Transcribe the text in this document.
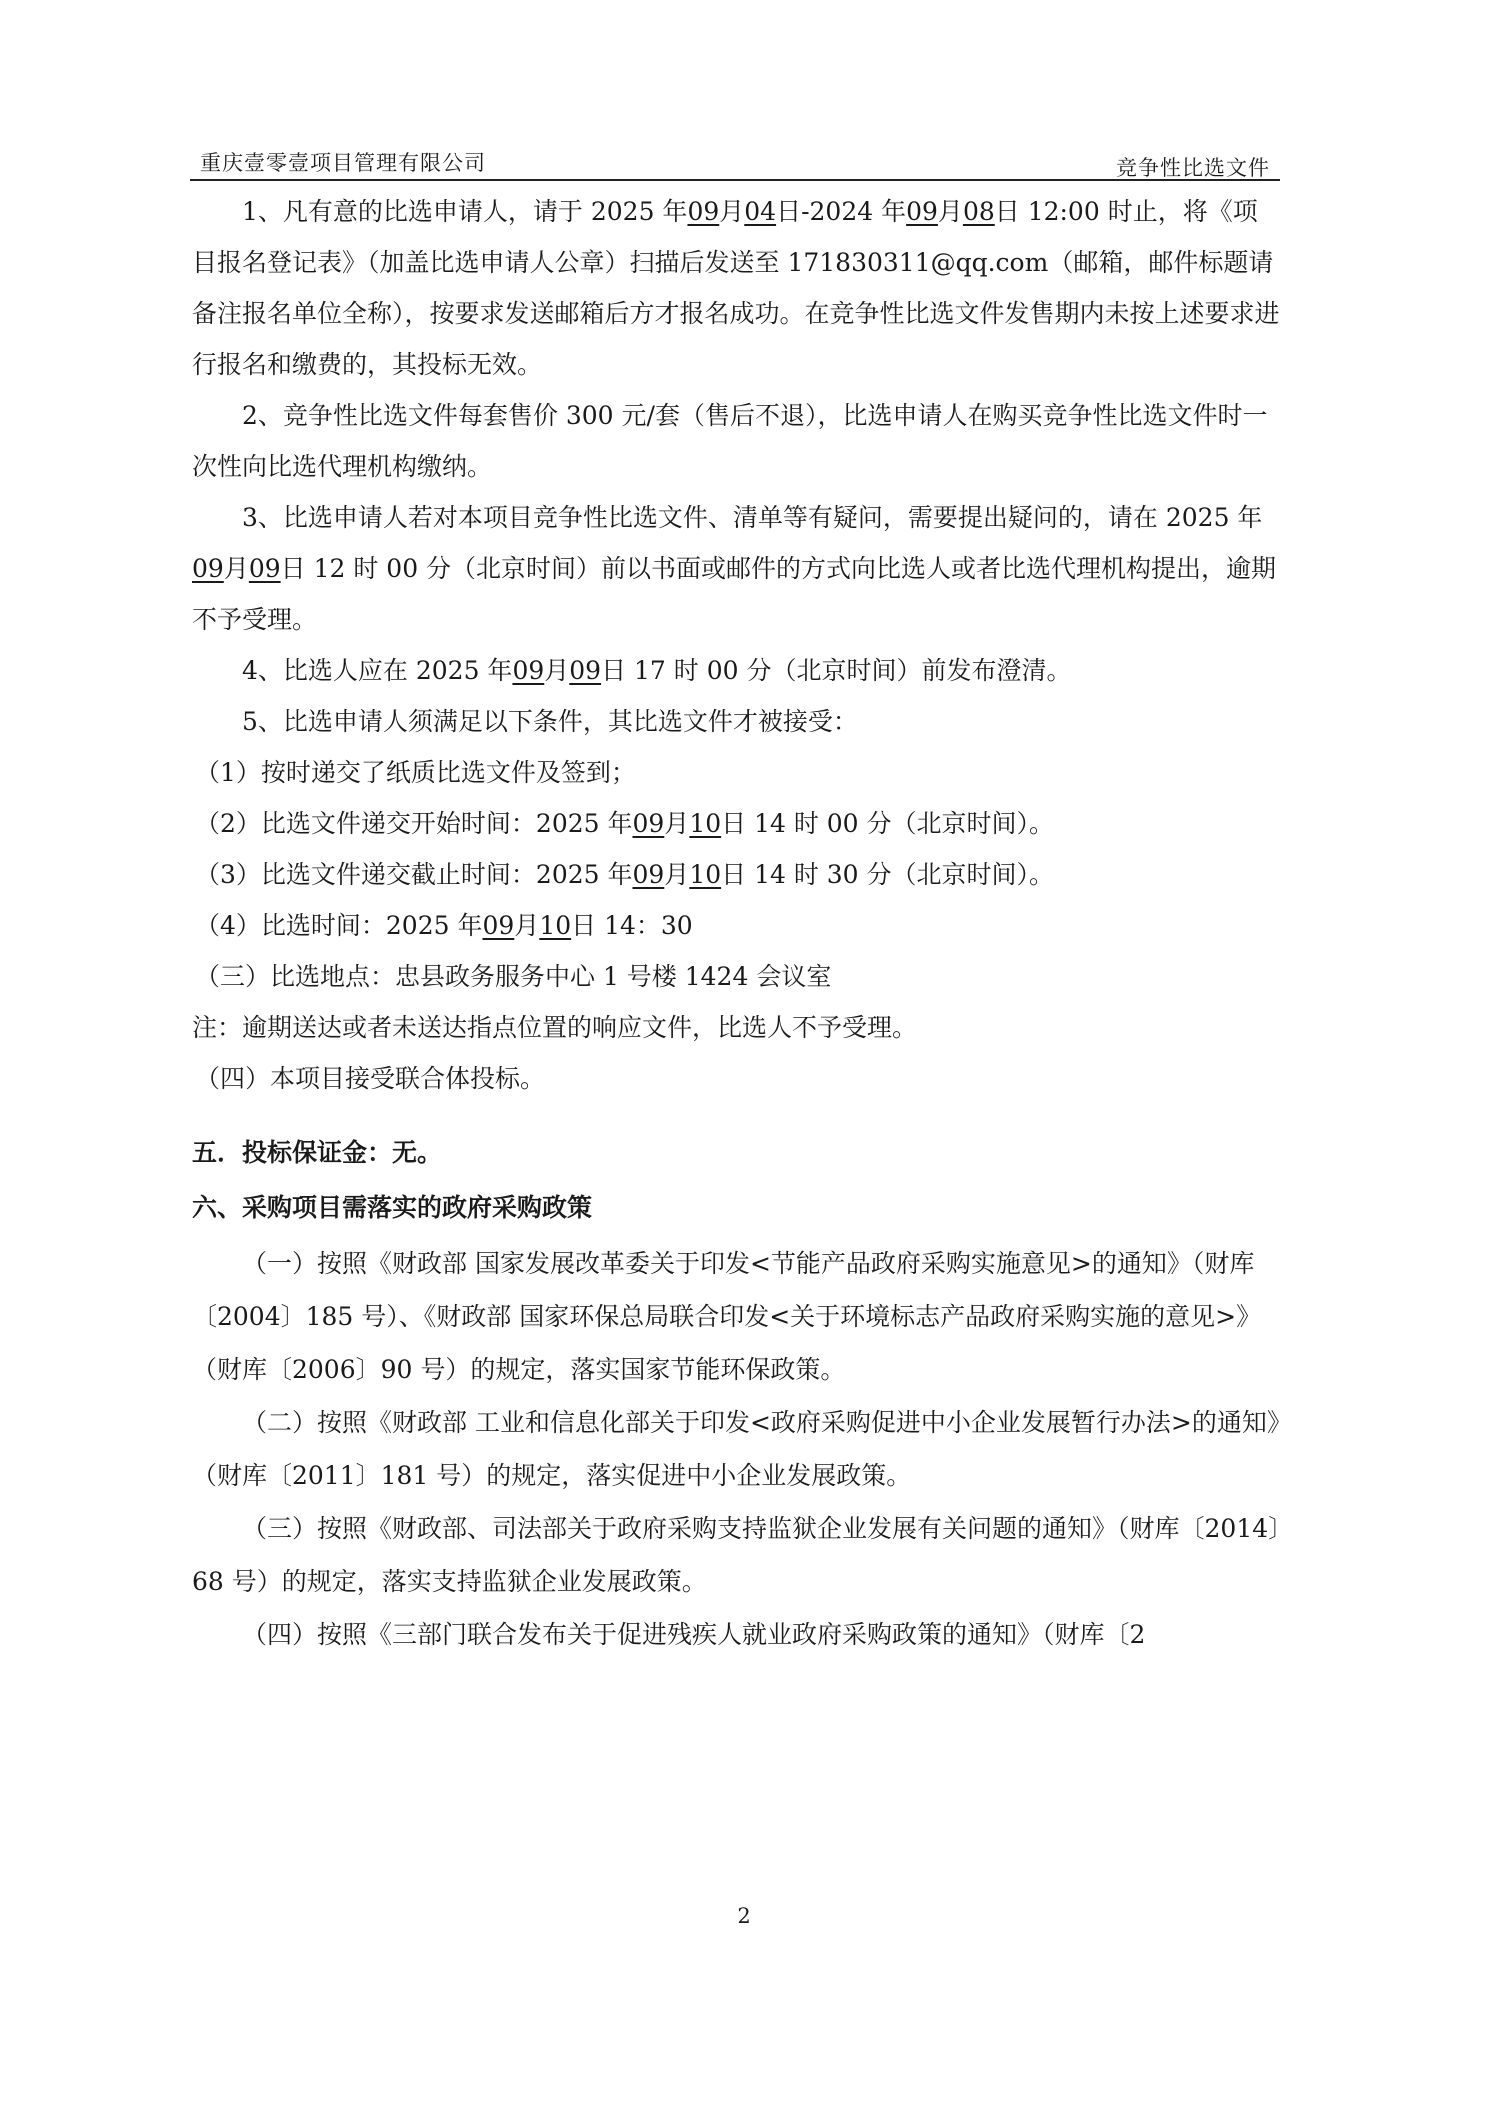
重庆壹零壹项目管理有限公司	竞争性比选文件

1、凡有意的比选申请人，请于 2025 年09月04日-2024 年09月08日 12:00 时止，将《项目报名登记表》（加盖比选申请人公章）扫描后发送至 171830311@qq.com（邮箱，邮件标题请备注报名单位全称），按要求发送邮箱后方才报名成功。在竞争性比选文件发售期内未按上述要求进行报名和缴费的，其投标无效。

2、竞争性比选文件每套售价 300 元/套（售后不退），比选申请人在购买竞争性比选文件时一次性向比选代理机构缴纳。

3、比选申请人若对本项目竞争性比选文件、清单等有疑问，需要提出疑问的，请在 2025 年09月09日 12 时 00 分（北京时间）前以书面或邮件的方式向比选人或者比选代理机构提出，逾期不予受理。

4、比选人应在 2025 年09月09日 17 时 00 分（北京时间）前发布澄清。

5、比选申请人须满足以下条件，其比选文件才被接受：

（1）按时递交了纸质比选文件及签到；

（2）比选文件递交开始时间：2025 年09月10日 14 时 00 分（北京时间）。

（3）比选文件递交截止时间：2025 年09月10日 14 时 30 分（北京时间）。

（4）比选时间：2025 年09月10日 14：30

（三）比选地点：忠县政务服务中心 1 号楼 1424 会议室

注：逾期送达或者未送达指点位置的响应文件，比选人不予受理。

（四）本项目接受联合体投标。

五．投标保证金：无。

六、采购项目需落实的政府采购政策

（一）按照《财政部 国家发展改革委关于印发<节能产品政府采购实施意见>的通知》（财库〔2004〕185 号）、《财政部 国家环保总局联合印发<关于环境标志产品政府采购实施的意见>》（财库〔2006〕90 号）的规定，落实国家节能环保政策。

（二）按照《财政部 工业和信息化部关于印发<政府采购促进中小企业发展暂行办法>的通知》（财库〔2011〕181 号）的规定，落实促进中小企业发展政策。

（三）按照《财政部、司法部关于政府采购支持监狱企业发展有关问题的通知》（财库〔2014〕68 号）的规定，落实支持监狱企业发展政策。

（四）按照《三部门联合发布关于促进残疾人就业政府采购政策的通知》（财库〔2

2
